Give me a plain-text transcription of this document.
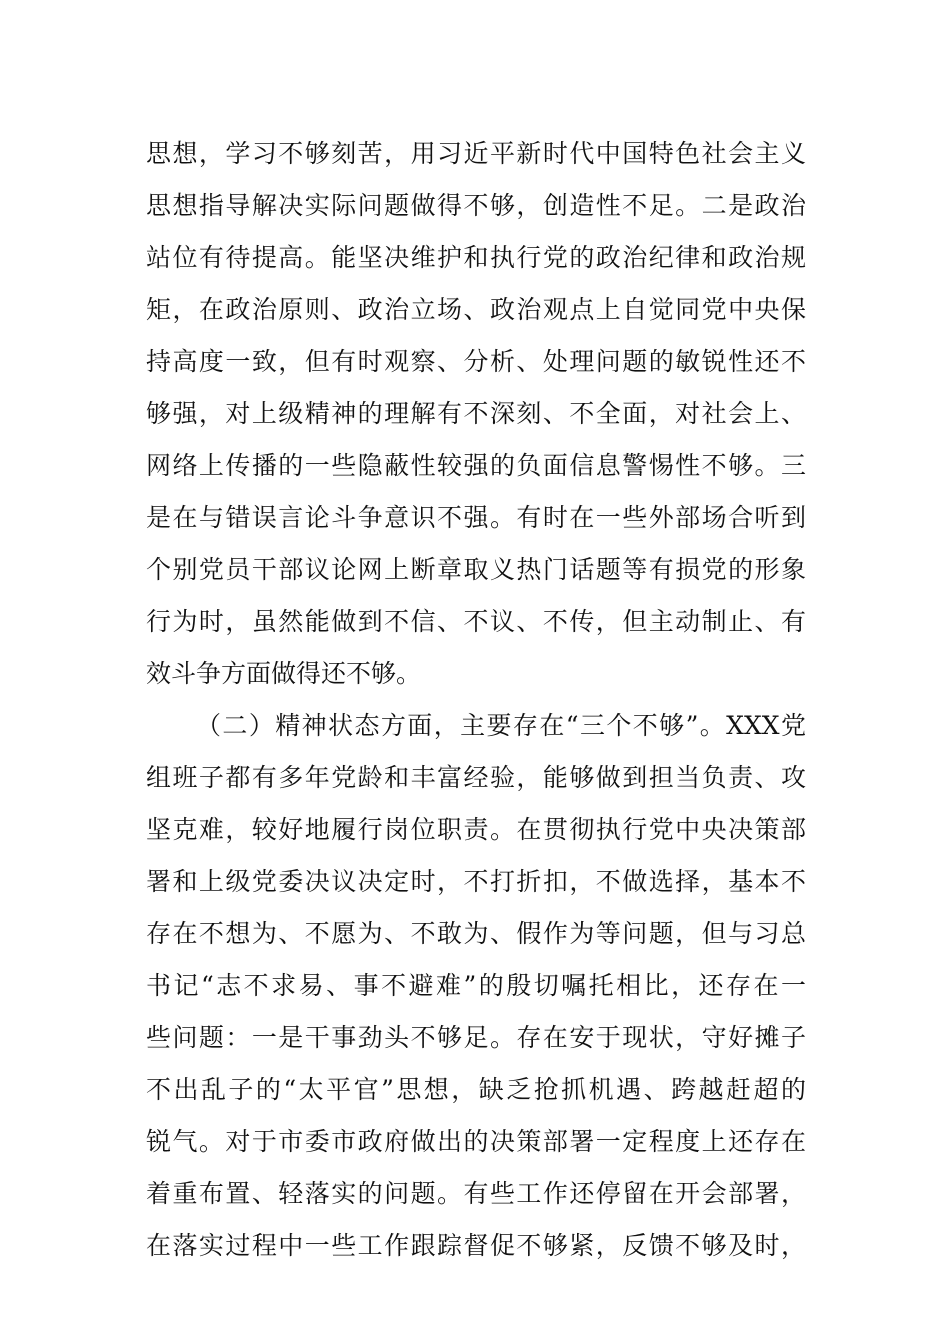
思想，学习不够刻苦，用习近平新时代中国特色社会主义
思想指导解决实际问题做得不够，创造性不足。二是政治
站位有待提高。能坚决维护和执行党的政治纪律和政治规
矩，在政治原则、政治立场、政治观点上自觉同党中央保
持高度一致，但有时观察、分析、处理问题的敏锐性还不
够强，对上级精神的理解有不深刻、不全面，对社会上、
网络上传播的一些隐蔽性较强的负面信息警惕性不够。三
是在与错误言论斗争意识不强。有时在一些外部场合听到
个别党员干部议论网上断章取义热门话题等有损党的形象
行为时，虽然能做到不信、不议、不传，但主动制止、有
效斗争方面做得还不够。
（二）精神状态方面，主要存在“三个不够”。XXX党
组班子都有多年党龄和丰富经验，能够做到担当负责、攻
坚克难，较好地履行岗位职责。在贯彻执行党中央决策部
署和上级党委决议决定时，不打折扣，不做选择，基本不
存在不想为、不愿为、不敢为、假作为等问题，但与习总
书记“志不求易、事不避难”的殷切嘱托相比，还存在一
些问题：一是干事劲头不够足。存在安于现状，守好摊子
不出乱子的“太平官”思想，缺乏抢抓机遇、跨越赶超的
锐气。对于市委市政府做出的决策部署一定程度上还存在
着重布置、轻落实的问题。有些工作还停留在开会部署，
在落实过程中一些工作跟踪督促不够紧，反馈不够及时，
